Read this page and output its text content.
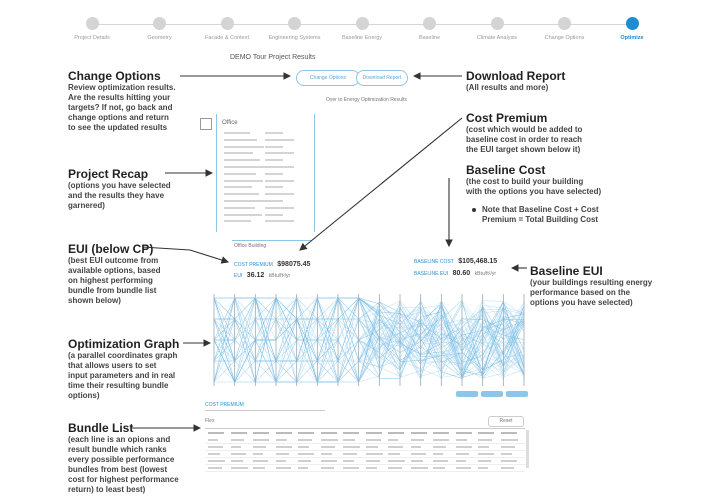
Project Details	Geometry	Facade & Context	Engineering Systems	Baseline Energy	Baseline	Climate Analysis	Change Options	Optimize
DEMO Tour Project Results
Change Options	Download Report
Over to Energy Optimization Results
Office
Office Building
COST PREMIUM $98075.45
EUI 36.12 kBtu/ft²/yr
BASELINE COST $105,468.15
BASELINE EUI 80.60 kBtu/ft²/yr
COST PREMIUM
Flex	Reset
Change Options
Review optimization results.
Are the results hitting your
targets? If not, go back and
change options and return
to see the updated results
Project Recap
(options you have selected
and the results they have
garnered)
EUI (below CP)
(best EUI outcome from
available options, based
on highest performing
bundle from bundle list
shown below)
Optimization Graph
(a parallel coordinates graph
that allows users to set
input parameters and in real
time their resulting bundle
options)
Bundle List
(each line is an opions and
result bundle which ranks
every possible performance
bundles from best (lowest
cost for highest performance
return) to least best)
Download Report
(All results and more)
Cost Premium
(cost which would be added to
baseline cost in order to reach
the EUI target shown below it)
Baseline Cost
(the cost to build your building
with the options you have selected)
Note that Baseline Cost + Cost
Premium = Total Building Cost
Baseline EUI
(your buildings resulting energy
performance based on the
options you have selected)
